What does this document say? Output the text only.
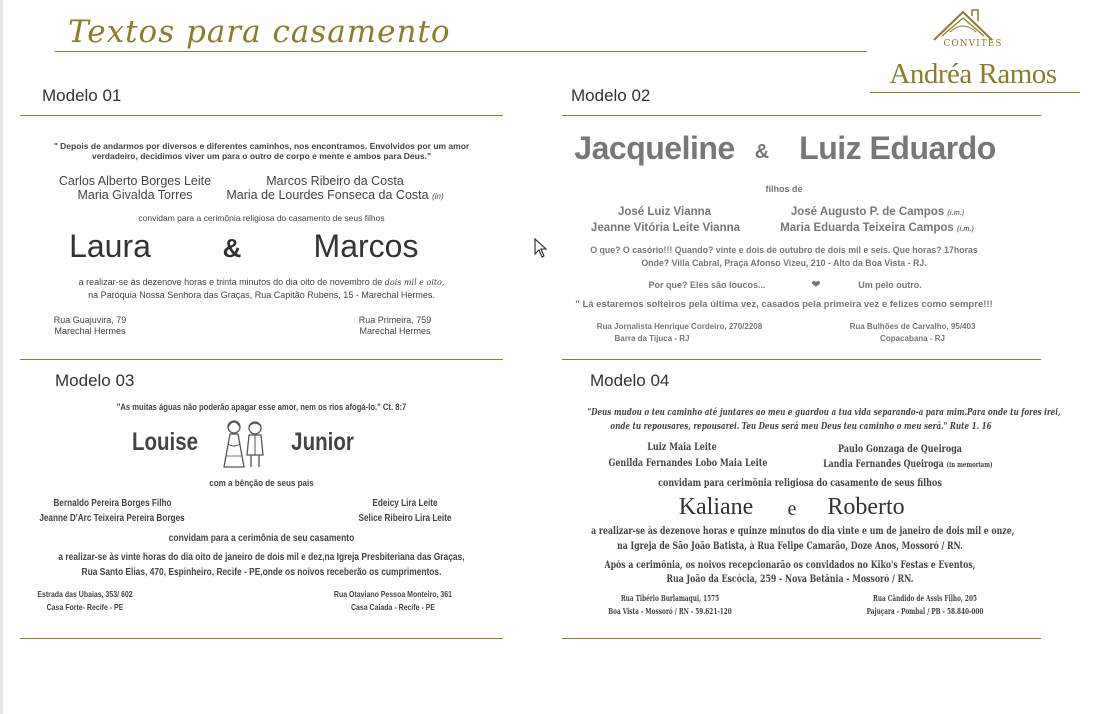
Textos para casamento	CONVITES
Andréa Ramos
Modelo 01
" Depois de andarmos por diversos e diferentes caminhos, nos encontramos. Envolvidos por um amor
verdadeiro, decidimos viver um para o outro de corpo e mente e ambos para Deus."
Carlos Alberto Borges Leite
Maria Givalda Torres
Marcos Ribeiro da Costa
Maria de Lourdes Fonseca da Costa (in)
convidam para a cerimônia religiosa do casamento de seus filhos
Laura	&	Marcos
a realizar-se às dezenove horas e trinta minutos do dia oito de novembro de dois mil e oito,
na Paróquia Nossa Senhora das Graças, Rua Capitão Rubens, 15 - Marechal Hermes.
Rua Guajuvira, 79
Marechal Hermes
Rua Primeira, 759
Marechal Hermes
Modelo 02
Jacqueline	& Luiz Eduardo
filhos de
José Luiz Vianna
Jeanne Vitória Leite Vianna
José Augusto P. de Campos (i.m.)
Maria Eduarda Teixeira Campos (i.m.)
O que? O casório!!! Quando? vinte e dois de outubro de dois mil e seis. Que horas? 17horas
Onde? Villa Cabral, Praça Afonso Vizeu, 210 - Alto da Boa Vista - RJ.
Por que? Eles são loucos...	❤	Um pelo outro.
" Lá estaremos solteiros pela última vez, casados pela primeira vez e felizes como sempre!!!
Rua Jornalista Henrique Cordeiro, 270/2208
Barra da Tijuca - RJ
Rua Bulhões de Carvalho, 95/403
Copacabana - RJ
Modelo 03
"As muitas águas não poderão apagar esse amor, nem os rios afogá-lo." Ct. 8:7
Louise	Junior
com a bênção de seus pais
Bernaldo Pereira Borges Filho
Jeanne D'Arc Teixeira Pereira Borges
Edeicy Lira Leite
Selice Ribeiro Lira Leite
convidam para a cerimônia de seu casamento
a realizar-se às vinte horas do dia oito de janeiro de dois mil e dez,na Igreja Presbiteriana das Graças,
Rua Santo Elias, 470, Espinheiro, Recife - PE,onde os noivos receberão os cumprimentos.
Estrada das Ubaias, 353/ 602
Casa Forte- Recife - PE
Rua Otaviano Pessoa Monteiro, 361
Casa Caiada - Recife - PE
Modelo 04
"Deus mudou o teu caminho até juntares ao meu e guardou a tua vida separando-a para mim.Para onde tu fores irei,
onde tu repousares, repousarei. Teu Deus será meu Deus teu caminho o meu será." Rute 1. 16
Luiz Maia Leite
Genilda Fernandes Lobo Maia Leite
Paulo Gonzaga de Queiroga
Landia Fernandes Queiroga (in memoriam)
convidam para cerimônia religiosa do casamento de seus filhos
Kaliane	e	Roberto
a realizar-se às dezenove horas e quinze minutos do dia vinte e um de janeiro de dois mil e onze,
na Igreja de São João Batista, à Rua Felipe Camarão, Doze Anos, Mossoró / RN.
Após a cerimônia, os noivos recepcionarão os convidados no Kiko's Festas e Eventos,
Rua João da Escócia, 259 - Nova Betânia - Mossoró / RN.
Rua Tibério Burlamaqui, 1575
Boa Vista - Mossoró / RN - 59.621-120
Rua Cândido de Assis Filho, 205
Pajuçara - Pombal / PB - 58.840-000
